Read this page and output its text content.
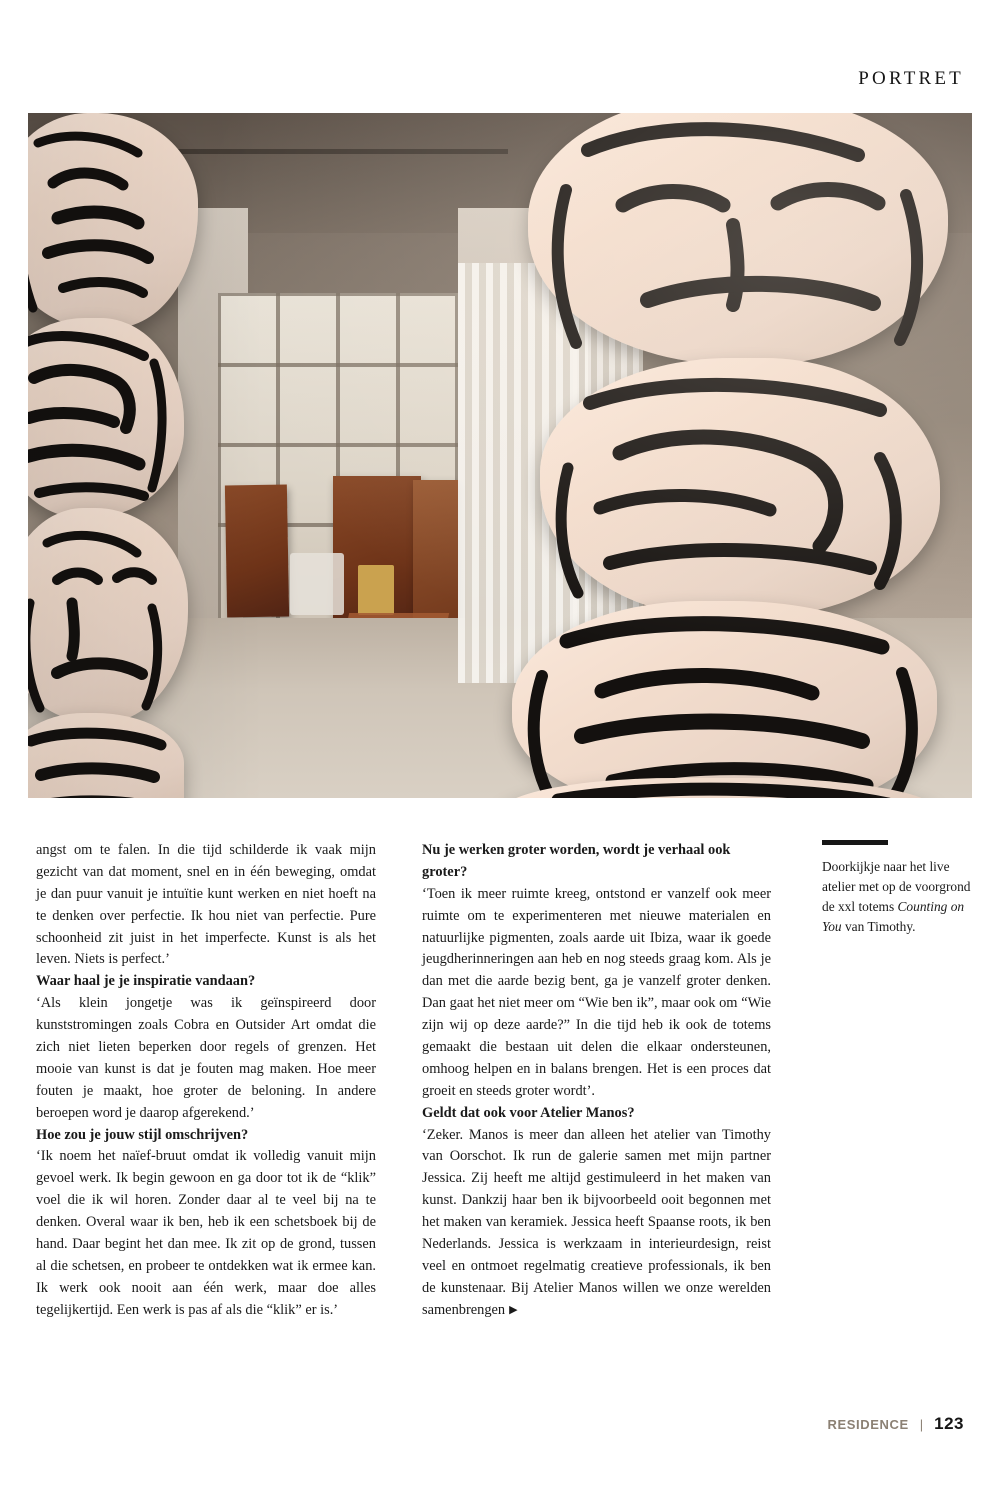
PORTRET

angst om te falen. In die tijd schilderde ik vaak mijn gezicht van dat moment, snel en in één beweging, omdat je dan puur vanuit je intuïtie kunt werken en niet hoeft na te denken over perfectie. Ik hou niet van perfectie. Pure schoonheid zit juist in het imperfecte. Kunst is als het leven. Niets is perfect.’

Waar haal je je inspiratie vandaan?

‘Als klein jongetje was ik geïnspireerd door kunststromingen zoals Cobra en Outsider Art omdat die zich niet lieten beperken door regels of grenzen. Het mooie van kunst is dat je fouten mag maken. Hoe meer fouten je maakt, hoe groter de beloning. In andere beroepen word je daarop afgerekend.’

Hoe zou je jouw stijl omschrijven?

‘Ik noem het naïef-bruut omdat ik volledig vanuit mijn gevoel werk. Ik begin gewoon en ga door tot ik de “klik” voel die ik wil horen. Zonder daar al te veel bij na te denken. Overal waar ik ben, heb ik een schetsboek bij de hand. Daar begint het dan mee. Ik zit op de grond, tussen al die schetsen, en probeer te ontdekken wat ik ermee kan. Ik werk ook nooit aan één werk, maar doe alles tegelijkertijd. Een werk is pas af als die “klik” er is.’

Nu je werken groter worden, wordt je verhaal ook groter?

‘Toen ik meer ruimte kreeg, ontstond er vanzelf ook meer ruimte om te experimenteren met nieuwe materialen en natuurlijke pigmenten, zoals aarde uit Ibiza, waar ik goede jeugdherinneringen aan heb en nog steeds graag kom. Als je dan met die aarde bezig bent, ga je vanzelf groter denken. Dan gaat het niet meer om “Wie ben ik”, maar ook om “Wie zijn wij op deze aarde?” In die tijd heb ik ook de totems gemaakt die bestaan uit delen die elkaar ondersteunen, omhoog helpen en in balans brengen. Het is een proces dat groeit en steeds groter wordt’.

Geldt dat ook voor Atelier Manos?

‘Zeker. Manos is meer dan alleen het atelier van Timothy van Oorschot. Ik run de galerie samen met mijn partner Jessica. Zij heeft me altijd gestimuleerd in het maken van kunst. Dankzij haar ben ik bijvoorbeeld ooit begonnen met het maken van keramiek. Jessica heeft Spaanse roots, ik ben Nederlands. Jessica is werkzaam in interieurdesign, reist veel en ontmoet regelmatig creatieve professionals, ik ben de kunstenaar. Bij Atelier Manos willen we onze werelden samenbrengen ▶

Doorkijkje naar het live atelier met op de voorgrond de xxl totems Counting on You van Timothy.

RESIDENCE | 123
